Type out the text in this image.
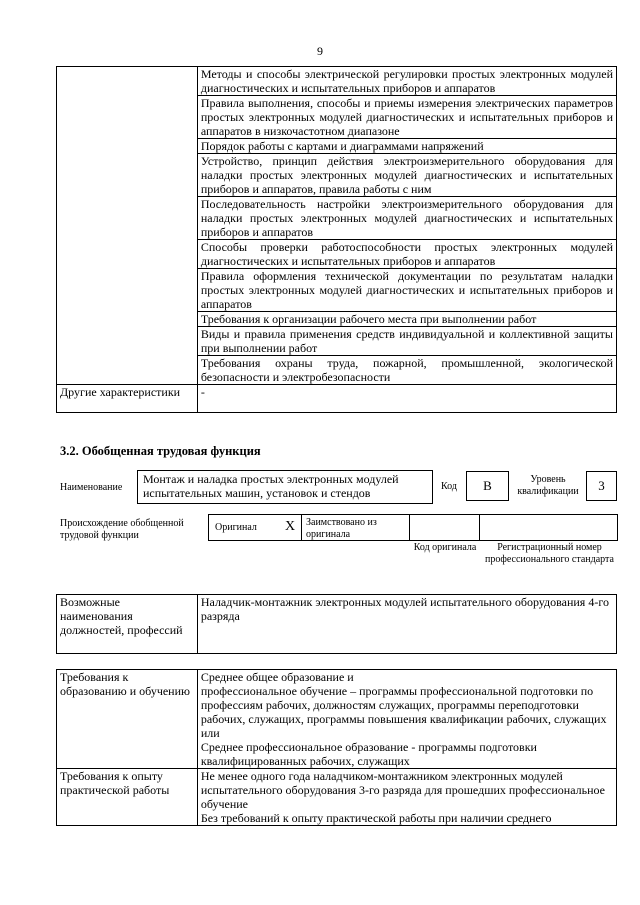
9
	Методы и способы электрической регулировки простых электронных модулей диагностических и испытательных приборов и аппаратов
	Правила выполнения, способы и приемы измерения электрических параметров простых электронных модулей диагностических и испытательных приборов и аппаратов в низкочастотном диапазоне
	Порядок работы с картами и диаграммами напряжений
	Устройство, принцип действия электроизмерительного оборудования для наладки простых электронных модулей диагностических и испытательных приборов и аппаратов, правила работы с ним
	Последовательность настройки электроизмерительного оборудования для наладки простых электронных модулей диагностических и испытательных приборов и аппаратов
	Способы проверки работоспособности простых электронных модулей диагностических и испытательных приборов и аппаратов
	Правила оформления технической документации по результатам наладки простых электронных модулей диагностических и испытательных приборов и аппаратов
	Требования к организации рабочего места при выполнении работ
	Виды и правила применения средств индивидуальной и коллективной защиты при выполнении работ
	Требования охраны труда, пожарной, промышленной, экологической безопасности и электробезопасности
Другие характеристики	-
3.2. Обобщенная трудовая функция
Наименование
Монтаж и наладка простых электронных модулей испытательных машин, установок и стендов	Код	В	Уровень квалификации	3
Происхождение обобщенной трудовой функции
Оригинал X Заимствовано из оригинала
Код оригинала	Регистрационный номер профессионального стандарта
Возможные наименования должностей, профессий	Наладчик-монтажник электронных модулей испытательного оборудования 4-го разряда
Требования к образованию и обучению	Среднее общее образование и
профессиональное обучение – программы профессиональной подготовки по профессиям рабочих, должностям служащих, программы переподготовки рабочих, служащих, программы повышения квалификации рабочих, служащих
или
Среднее профессиональное образование - программы подготовки квалифицированных рабочих, служащих

Требования к опыту практической работы	Не менее одного года наладчиком-монтажником электронных модулей испытательного оборудования 3-го разряда для прошедших профессиональное обучение
Без требований к опыту практической работы при наличии среднего
